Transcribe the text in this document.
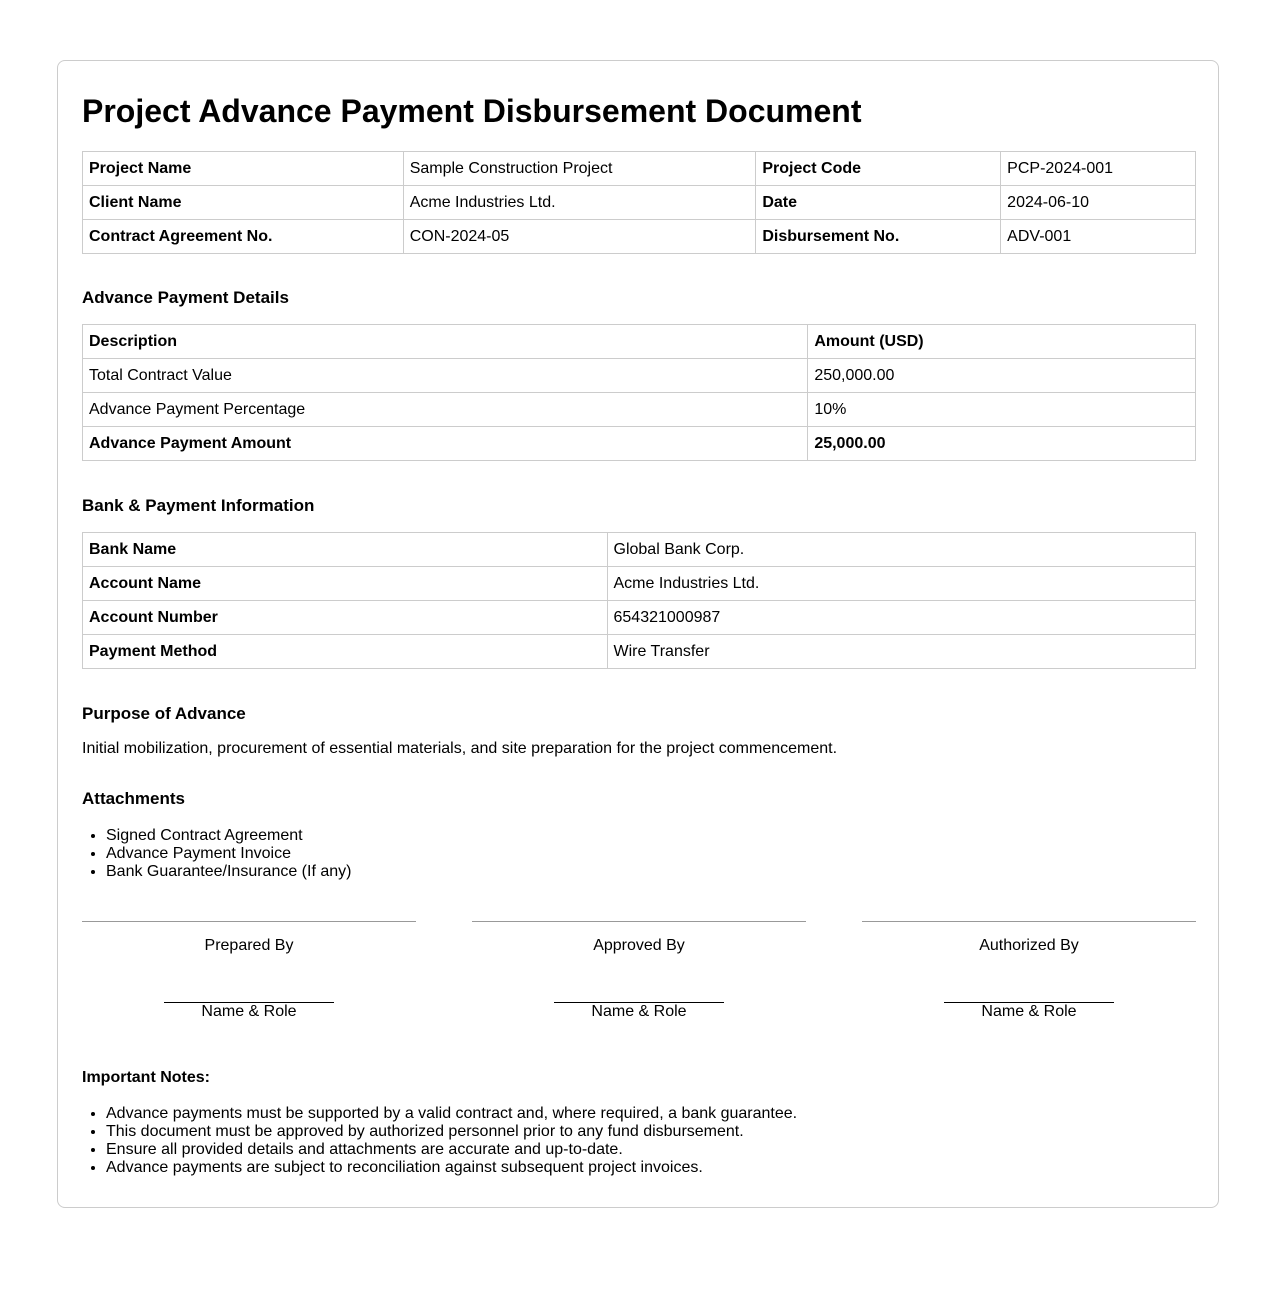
Project Advance Payment Disbursement Document
Project Name	Sample Construction Project	Project Code	PCP-2024-001
Client Name	Acme Industries Ltd.	Date	2024-06-10
Contract Agreement No.	CON-2024-05	Disbursement No.	ADV-001
Advance Payment Details
Description	Amount (USD)
Total Contract Value	250,000.00
Advance Payment Percentage	10%
Advance Payment Amount	25,000.00
Bank & Payment Information
Bank Name	Global Bank Corp.
Account Name	Acme Industries Ltd.
Account Number	654321000987
Payment Method	Wire Transfer
Purpose of Advance
Initial mobilization, procurement of essential materials, and site preparation for the project commencement.
Attachments
• Signed Contract Agreement
• Advance Payment Invoice
• Bank Guarantee/Insurance (If any)
Prepared By
Name & Role
Approved By
Name & Role
Authorized By
Name & Role
Important Notes:
• Advance payments must be supported by a valid contract and, where required, a bank guarantee.
• This document must be approved by authorized personnel prior to any fund disbursement.
• Ensure all provided details and attachments are accurate and up-to-date.
• Advance payments are subject to reconciliation against subsequent project invoices.
